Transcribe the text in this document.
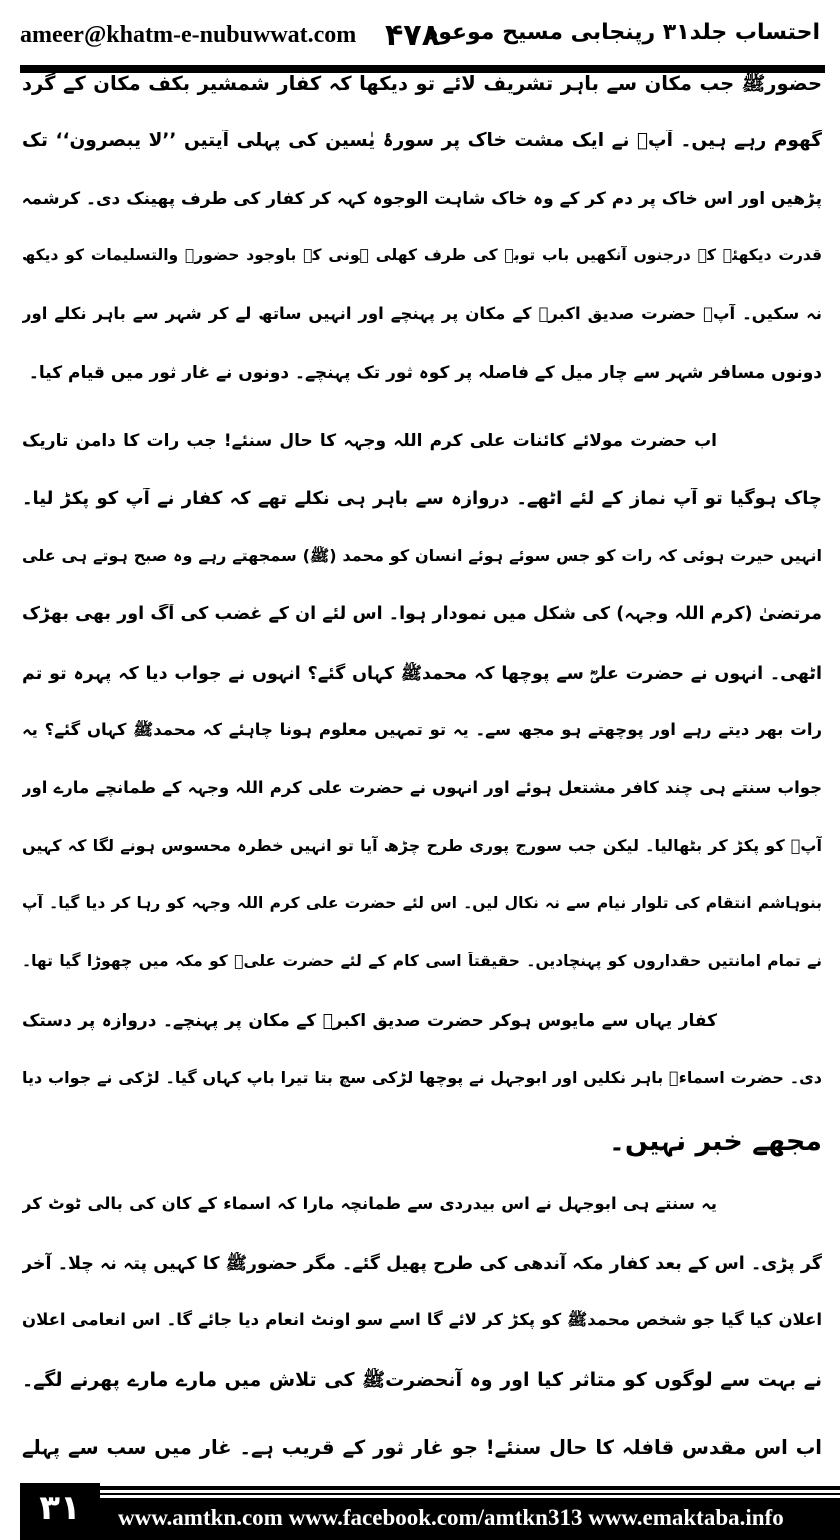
ameer@khatm-e-nubuwwat.com ۴۷۸
احتساب جلد۳۱ رپنجابی مسیح موعود
حضورﷺ جب مکان سے باہر تشریف لائے تو دیکھا کہ کفار شمشیر بکف مکان کے گرد
گھوم رہے ہیں۔ آپؐ نے ایک مشت خاک پر سورۂ یٰسین کی پہلی آیتیں ’’لا یبصرون‘‘ تک
پڑھیں اور اس خاک پر دم کر کے وہ خاک شاہت الوجوہ کہہ کر کفار کی طرف پھینک دی۔ کرشمہ
قدرت دیکھئے کہ درجنوں آنکھیں باب توبہ کی طرف کھلی ہونی کے باوجود حضورؐ والتسلیمات کو دیکھ
نہ سکیں۔ آپؐ حضرت صدیق اکبرؓ کے مکان پر پہنچے اور انہیں ساتھ لے کر شہر سے باہر نکلے اور
دونوں مسافر شہر سے چار میل کے فاصلہ پر کوہ ثور تک پہنچے۔ دونوں نے غار ثور میں قیام کیا۔
اب حضرت مولائے کائنات علی کرم اللہ وجہہ کا حال سنئے! جب رات کا دامن تاریک
چاک ہوگیا تو آپ نماز کے لئے اٹھے۔ دروازہ سے باہر ہی نکلے تھے کہ کفار نے آپ کو پکڑ لیا۔
انہیں حیرت ہوئی کہ رات کو جس سوئے ہوئے انسان کو محمد (ﷺ) سمجھتے رہے وہ صبح ہوتے ہی علی
مرتضیٰ (کرم اللہ وجہہ) کی شکل میں نمودار ہوا۔ اس لئے ان کے غضب کی آگ اور بھی بھڑک
اٹھی۔ انہوں نے حضرت علیؓ سے پوچھا کہ محمدﷺ کہاں گئے؟ انہوں نے جواب دیا کہ پہرہ تو تم
رات بھر دیتے رہے اور پوچھتے ہو مجھ سے۔ یہ تو تمہیں معلوم ہونا چاہئے کہ محمدﷺ کہاں گئے؟ یہ
جواب سنتے ہی چند کافر مشتعل ہوئے اور انہوں نے حضرت علی کرم اللہ وجہہ کے طمانچے مارے اور
آپؓ کو پکڑ کر بٹھالیا۔ لیکن جب سورج پوری طرح چڑھ آیا تو انہیں خطرہ محسوس ہونے لگا کہ کہیں
بنوہاشم انتقام کی تلوار نیام سے نہ نکال لیں۔ اس لئے حضرت علی کرم اللہ وجہہ کو رہا کر دیا گیا۔ آپ
نے تمام امانتیں حقداروں کو پہنچادیں۔ حقیقتاً اسی کام کے لئے حضرت علیؓ کو مکہ میں چھوڑا گیا تھا۔
کفار یہاں سے مایوس ہوکر حضرت صدیق اکبرؓ کے مکان پر پہنچے۔ دروازہ پر دستک
دی۔ حضرت اسماءؓ باہر نکلیں اور ابوجہل نے پوچھا لڑکی سچ بتا تیرا باپ کہاں گیا۔ لڑکی نے جواب دیا
مجھے خبر نہیں۔
یہ سنتے ہی ابوجہل نے اس بیدردی سے طمانچہ مارا کہ اسماء کے کان کی بالی ٹوٹ کر
گر پڑی۔ اس کے بعد کفار مکہ آندھی کی طرح پھیل گئے۔ مگر حضورﷺ کا کہیں پتہ نہ چلا۔ آخر
اعلان کیا گیا جو شخص محمدﷺ کو پکڑ کر لائے گا اسے سو اونٹ انعام دیا جائے گا۔ اس انعامی اعلان
نے بہت سے لوگوں کو متاثر کیا اور وہ آنحضرتﷺ کی تلاش میں مارے مارے پھرنے لگے۔
اب اس مقدس قافلہ کا حال سنئے! جو غار ثور کے قریب ہے۔ غار میں سب سے پہلے
۳۱	www.amtkn.com www.facebook.com/amtkn313 www.emaktaba.info
